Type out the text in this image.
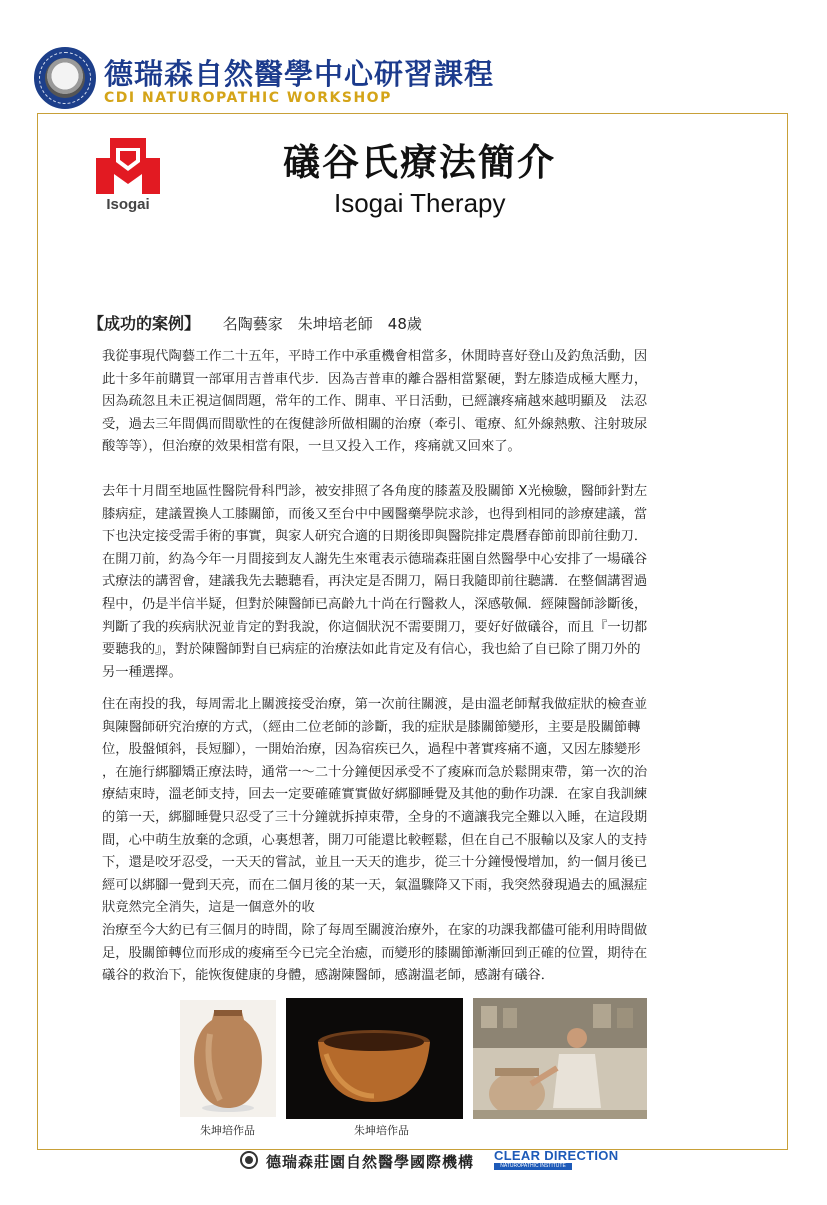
德瑞森自然醫學中心研習課程
CDI NATUROPATHIC WORKSHOP
Isogai
礒谷氏療法簡介
Isogai Therapy
【成功的案例】 名陶藝家　朱坤培老師　48歲
我從事現代陶藝工作二十五年，平時工作中承重機會相當多，休閒時喜好登山及釣魚活動，因
此十多年前購買一部軍用吉普車代步．因為吉普車的離合器相當緊硬，對左膝造成極大壓力，
因為疏忽且未正視這個問題，常年的工作、開車、平日活動，已經讓疼痛越來越明顯及　法忍
受，過去三年間偶而間歇性的在復健診所做相關的治療（牽引、電療、紅外線熱敷、注射玻尿
酸等等），但治療的效果相當有限，一旦又投入工作，疼痛就又回來了。
去年十月間至地區性醫院骨科門診，被安排照了各角度的膝蓋及股關節 X光檢驗，醫師針對左
膝病症，建議置換人工膝關節，而後又至台中中國醫藥學院求診，也得到相同的診療建議，當
下也決定接受需手術的事實，與家人研究合適的日期後即與醫院排定農曆春節前即前往動刀．
在開刀前，約為今年一月間接到友人謝先生來電表示德瑞森莊園自然醫學中心安排了一場礒谷
式療法的講習會，建議我先去聽聽看，再決定是否開刀，隔日我隨即前往聽講．在整個講習過
程中，仍是半信半疑，但對於陳醫師已高齡九十尚在行醫救人，深感敬佩．經陳醫師診斷後，
判斷了我的疾病狀況並肯定的對我說，你這個狀況不需要開刀，要好好做礒谷，而且『一切都
要聽我的』，對於陳醫師對自已病症的治療法如此肯定及有信心，我也給了自已除了開刀外的
另一種選擇。
住在南投的我，每周需北上關渡接受治療，第一次前往關渡，是由溫老師幫我做症狀的檢查並
與陳醫師研究治療的方式，（經由二位老師的診斷，我的症狀是膝關節變形，主要是股關節轉
位，股盤傾斜，長短腳），一開始治療，因為宿疾已久，過程中著實疼痛不適，又因左膝變形
，在施行綁腳矯正療法時，通常一～二十分鐘便因承受不了痠麻而急於鬆開束帶，第一次的治
療結束時，溫老師支持，回去一定要確確實實做好綁腳睡覺及其他的動作功課．在家自我訓練
的第一天，綁腳睡覺只忍受了三十分鐘就拆掉束帶，全身的不適讓我完全難以入睡，在這段期
間，心中萌生放棄的念頭，心裏想著，開刀可能還比較輕鬆，但在自己不服輸以及家人的支持
下，還是咬牙忍受，一天天的嘗試，並且一天天的進步，從三十分鐘慢慢增加，約一個月後已
經可以綁腳一覺到天亮，而在二個月後的某一天，氣溫驟降又下雨，我突然發現過去的風濕症
狀竟然完全消失，這是一個意外的收
治療至今大約已有三個月的時間，除了每周至關渡治療外，在家的功課我都儘可能利用時間做
足，股關節轉位而形成的痠痛至今已完全治癒，而變形的膝關節漸漸回到正確的位置，期待在
礒谷的救治下，能恢復健康的身體，感謝陳醫師，感謝溫老師，感謝有礒谷．
朱坤培作品	朱坤培作品
德瑞森莊園自然醫學國際機構 CLEAR DIRECTION
NATUROPATHIC INSTITUTE
